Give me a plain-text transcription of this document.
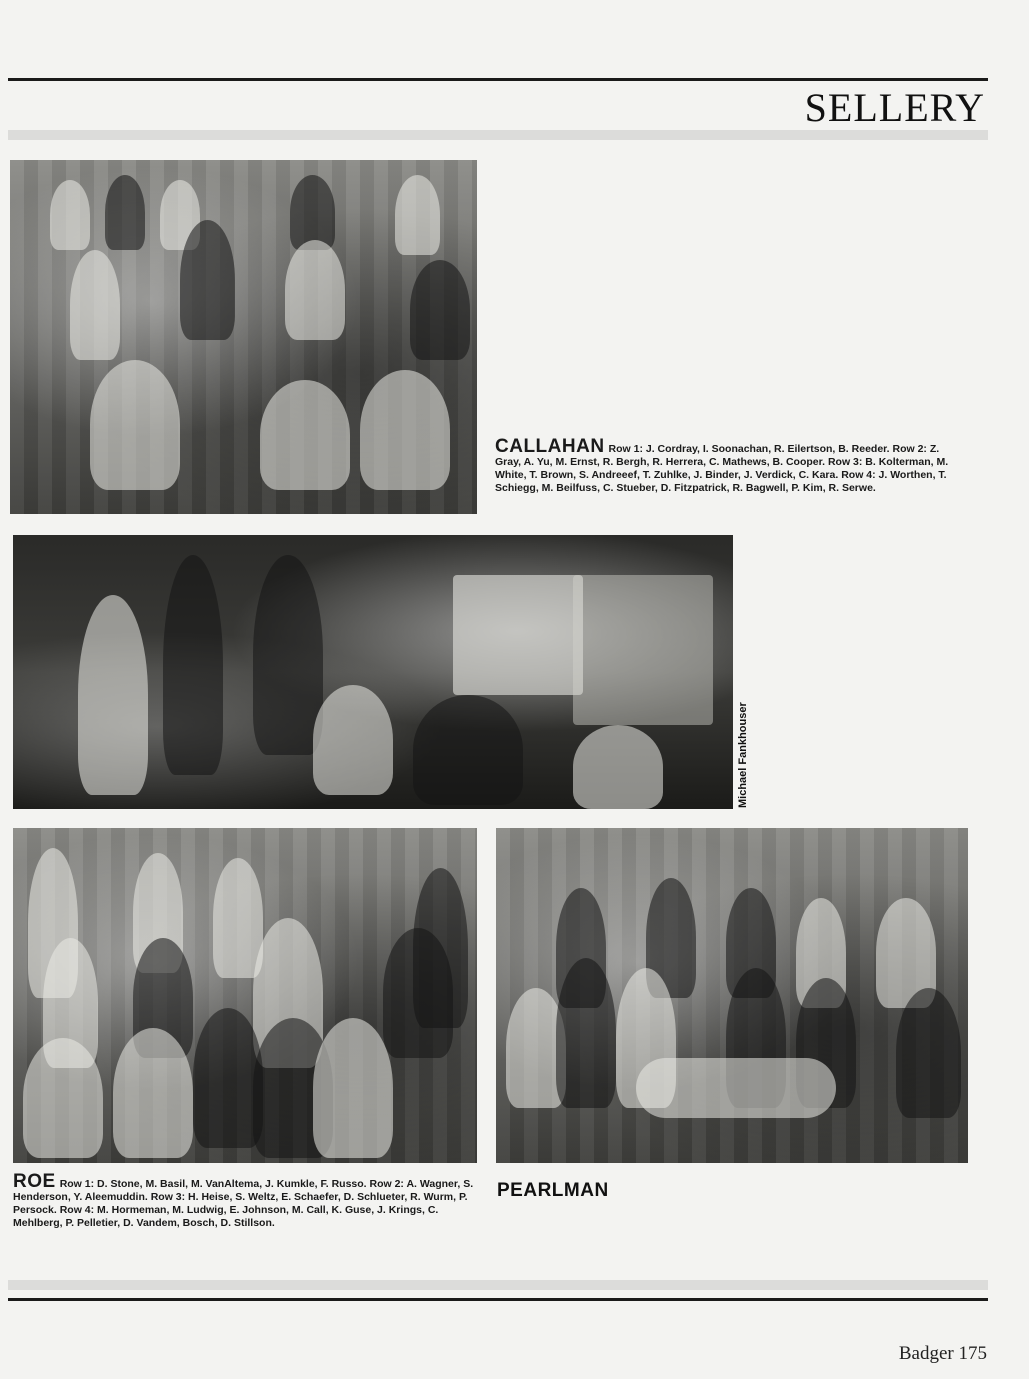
SELLERY
CALLAHAN Row 1: J. Cordray, I. Soonachan, R. Eilertson, B. Reeder. Row 2: Z. Gray, A. Yu, M. Ernst, R. Bergh, R. Herrera, C. Mathews, B. Cooper. Row 3: B. Kolterman, M. White, T. Brown, S. Andreeef, T. Zuhlke, J. Binder, J. Verdick, C. Kara. Row 4: J. Worthen, T. Schiegg, M. Beilfuss, C. Stueber, D. Fitzpatrick, R. Bagwell, P. Kim, R. Serwe.
Michael Fankhouser
ROE Row 1: D. Stone, M. Basil, M. VanAltema, J. Kumkle, F. Russo. Row 2: A. Wagner, S. Henderson, Y. Aleemuddin. Row 3: H. Heise, S. Weltz, E. Schaefer, D. Schlueter, R. Wurm, P. Persock. Row 4: M. Hormeman, M. Ludwig, E. Johnson, M. Call, K. Guse, J. Krings, C. Mehlberg, P. Pelletier, D. Vandem, Bosch, D. Stillson.
PEARLMAN
Badger 175
